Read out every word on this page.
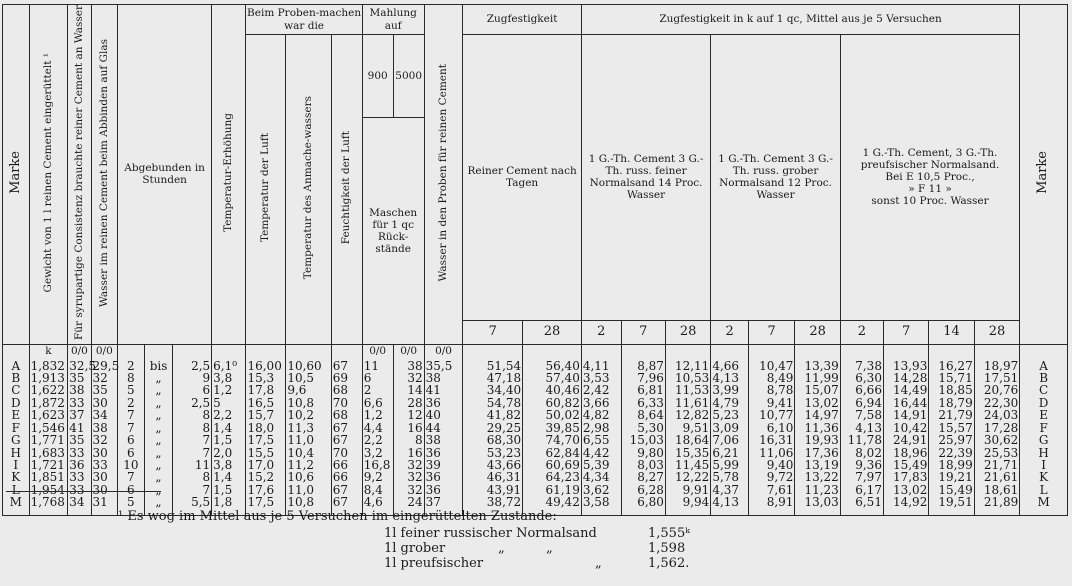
Marke	Gewicht von 1 l reinen Cement eingerüttelt ¹	Für syrupartige Consistenz brauchte reiner Cement an Wasser	Wasser im reinen Cement beim Abbinden auf Glas	Abgebunden in Stunden			Temperatur-Erhöhung	Beim Proben-machen war die			Mahlung auf		Wasser in den Proben für reinen Cement	Zugfestigkeit		Zugfestigkeit in k auf 1 qc, Mittel aus je 5 Versuchen										Marke
								Temperatur der Luft	Temperatur des Anmache-wassers	Feuchtigkeit der Luft	900	5000		Reiner Cement nach Tagen		1 G.-Th. Cement 3 G.-Th. russ. feiner Normalsand 14 Proc. Wasser			1 G.-Th. Cement 3 G.-Th. russ. grober Normalsand 12 Proc. Wasser			1 G.-Th. Cement, 3 G.-Th. preufsischer Normalsand.
Bei E 10,5 Proc.,
» F 11 »
sonst 10 Proc. Wasser				

											Maschen für 1 qc Rück-stände															
														7	28	2	7	28	2	7	28	2	7	14	28	
	k	0/0	0/0								0/0	0/0	0/0													
A	1,832	32,5	29,5	2	bis	2,5	6,1⁰	16,00	10,60	67	11	38	35,5	51,54	56,40	4,11	8,87	12,11	4,66	10,47	13,39	7,38	13,93	16,27	18,97	A
B	1,913	35	32	8	„	9	3,8	15,3	10,5	69	6	32	38	47,18	57,40	3,53	7,96	10,53	4,13	8,49	11,99	6,30	14,28	15,71	17,51	B
C	1,622	38	35	5	„	6	1,2	17,8	9,6	68	2	14	41	34,40	40,46	2,42	6,81	11,53	3,99	8,78	15,07	6,66	14,49	18,85	20,76	C
D	1,872	33	30	2	„	2,5	5	16,5	10,8	70	6,6	28	36	54,78	60,82	3,66	6,33	11,61	4,79	9,41	13,02	6,94	16,44	18,79	22,30	D
E	1,623	37	34	7	„	8	2,2	15,7	10,2	68	1,2	12	40	41,82	50,02	4,82	8,64	12,82	5,23	10,77	14,97	7,58	14,91	21,79	24,03	E
F	1,546	41	38	7	„	8	1,4	18,0	11,3	67	4,4	16	44	29,25	39,85	2,98	5,30	9,51	3,09	6,10	11,36	4,13	10,42	15,57	17,28	F
G	1,771	35	32	6	„	7	1,5	17,5	11,0	67	2,2	8	38	68,30	74,70	6,55	15,03	18,64	7,06	16,31	19,93	11,78	24,91	25,97	30,62	G
H	1,683	33	30	6	„	7	2,0	15,5	10,4	70	3,2	16	36	53,23	62,84	4,42	9,80	15,35	6,21	11,06	17,36	8,02	18,96	22,39	25,53	H
I	1,721	36	33	10	„	11	3,8	17,0	11,2	66	16,8	32	39	43,66	60,69	5,39	8,03	11,45	5,99	9,40	13,19	9,36	15,49	18,99	21,71	I
K	1,851	33	30	7	„	8	1,4	15,2	10,6	66	9,2	32	36	46,31	64,23	4,34	8,27	12,22	5,78	9,72	13,22	7,97	17,83	19,21	21,61	K
L	1,954	33	30	6	„	7	1,5	17,6	11,0	67	8,4	32	36	43,91	61,19	3,62	6,28	9,91	4,37	7,61	11,23	6,17	13,02	15,49	18,61	L
M	1,768	34	31	5	„	5,5	1,8	17,5	10,8	67	4,6	24	37	38,72	49,42	3,58	6,80	9,94	4,13	8,91	13,03	6,51	14,92	19,51	21,89	M
¹ Es wog im Mittel aus je 5 Versuchen im eingerüttelten Zustande:
1l feiner russischer Normalsand	1,555ᵏ
1l grober	„          „	1,598
1l preufsischer	„	1,562.
